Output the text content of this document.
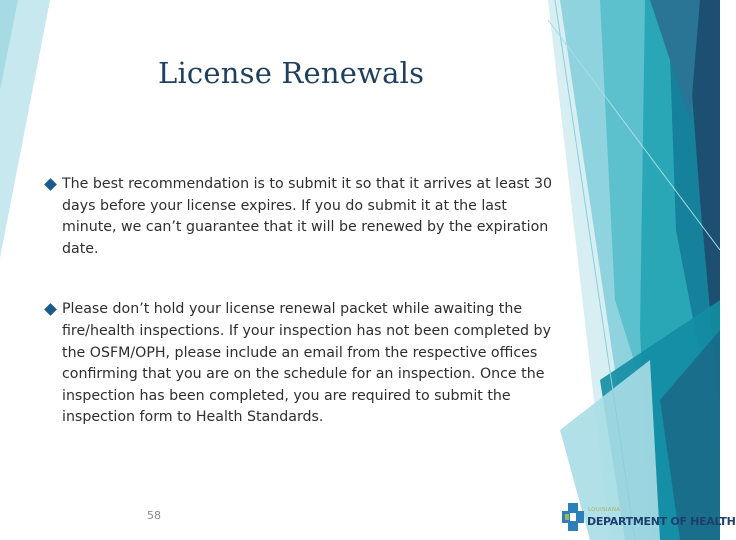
License Renewals
The best recommendation is to submit it so that it arrives at least 30 days before your license expires. If you do submit it at the last minute, we can’t guarantee that it will be renewed by the expiration date.
Please don’t hold your license renewal packet while awaiting the fire/health inspections. If your inspection has not been completed by the OSFM/OPH, please include an email from the respective offices confirming that you are on the schedule for an inspection. Once the inspection has been completed, you are required to submit the inspection form to Health Standards.
58	LOUISIANA
DEPARTMENT OF HEALTH
